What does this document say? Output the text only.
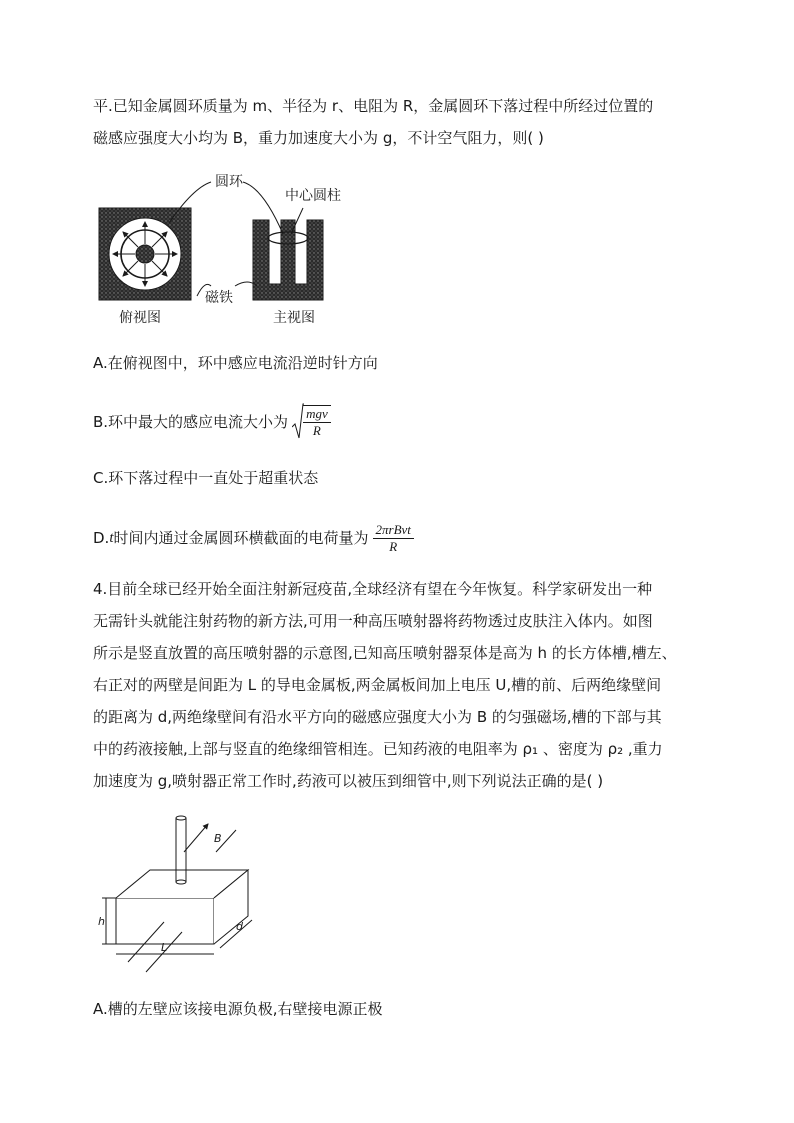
平.已知金属圆环质量为 m、半径为 r、电阻为 R，金属圆环下落过程中所经过位置的
磁感应强度大小均为 B，重力加速度大小为 g，不计空气阻力，则( )
圆环
中心圆柱
磁铁
俯视图	主视图
A.在俯视图中，环中感应电流沿逆时针方向
B.环中最大的感应电流大小为 $\frac{\text{mgv}}{R}$
C.环下落过程中一直处于超重状态
D. t 时间内通过金属圆环横截面的电荷量为 $\frac{\text{2πrBvt}}{R}$
4.目前全球已经开始全面注射新冠疫苗,全球经济有望在今年恢复。科学家研发出一种
无需针头就能注射药物的新方法,可用一种高压喷射器将药物透过皮肤注入体内。如图
所示是竖直放置的高压喷射器的示意图,已知高压喷射器泵体是高为 h 的长方体槽,槽左、
右正对的两壁是间距为 L 的导电金属板,两金属板间加上电压 U,槽的前、后两绝缘壁间
的距离为 d,两绝缘壁间有沿水平方向的磁感应强度大小为 B 的匀强磁场,槽的下部与其
中的药液接触,上部与竖直的绝缘细管相连。已知药液的电阻率为 ρ₁ 、密度为 ρ₂ ,重力
加速度为 g,喷射器正常工作时,药液可以被压到细管中,则下列说法正确的是( )
B
h
L
d
A.槽的左壁应该接电源负极,右壁接电源正极
